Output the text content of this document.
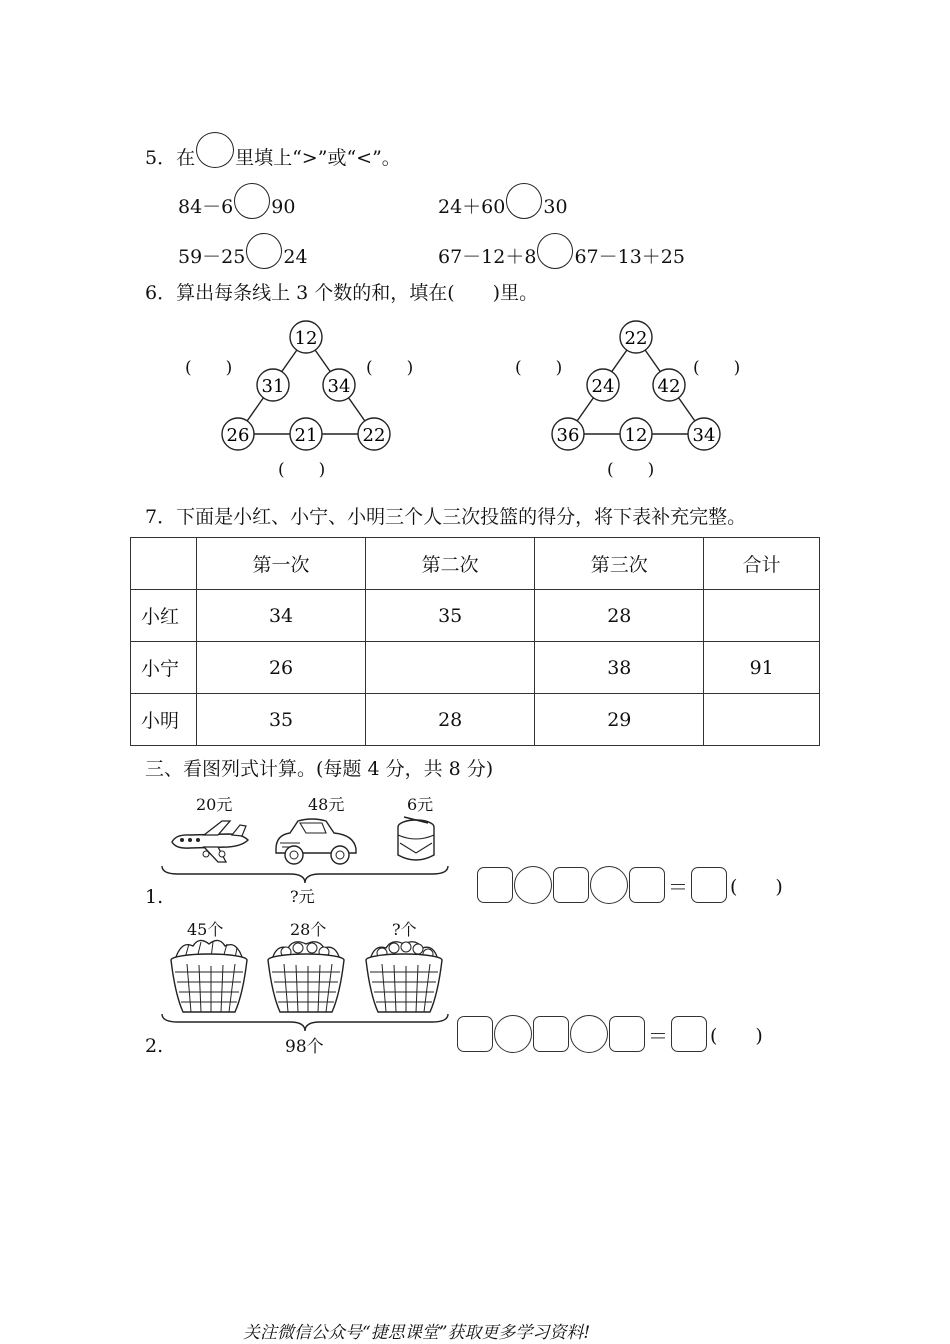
5．在 里填上“>”或“<”。
84－6 90	24＋60 30
59－25 24	67－12＋8 67－13＋25
6．算出每条线上 3 个数的和，填在(　　)里。
12
31 34
26	21	22
(　　)	(　　)
(　　)
22
24 42
36	12	34
(　　)	(　　)
(　　)
7．下面是小红、小宁、小明三个人三次投篮的得分，将下表补充完整。
	第一次	第二次	第三次	合计
小红	34	35	28	
小宁	26		38	91
小明	35	28	29	
三、看图列式计算。(每题 4 分，共 8 分)
20元	48元	6元
?元
1.	＝ (　　)
45个	28个	?个
98个
2.	＝ (　　)
关注微信公众号“捷思课堂”获取更多学习资料!
